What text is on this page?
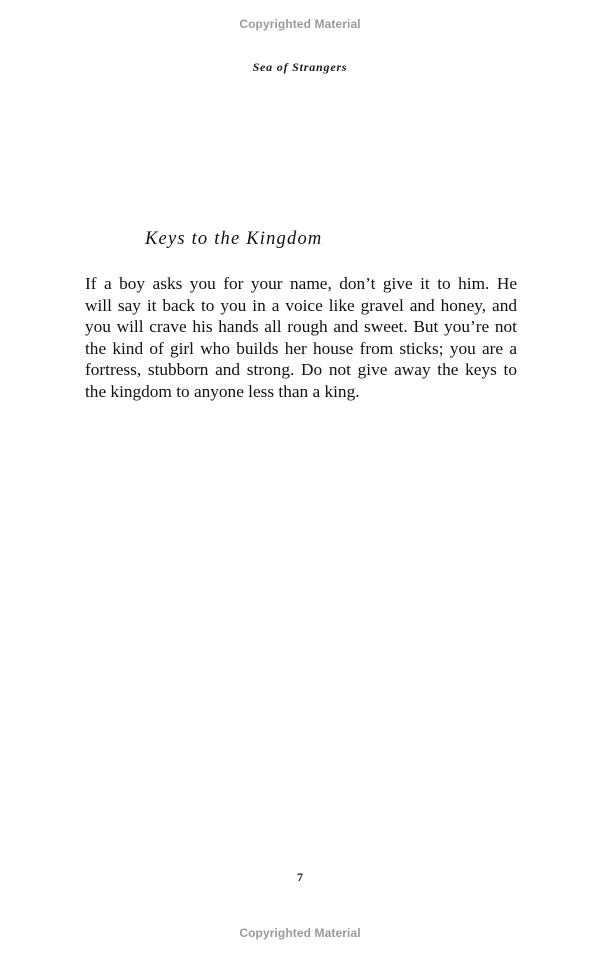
Copyrighted Material
Sea of Strangers
Keys to the Kingdom
If a boy asks you for your name, don’t give it to him. He
will say it back to you in a voice like gravel and honey, and
you will crave his hands all rough and sweet. But you’re not
the kind of girl who builds her house from sticks; you are a
fortress, stubborn and strong. Do not give away the keys to
the kingdom to anyone less than a king.
7
Copyrighted Material
